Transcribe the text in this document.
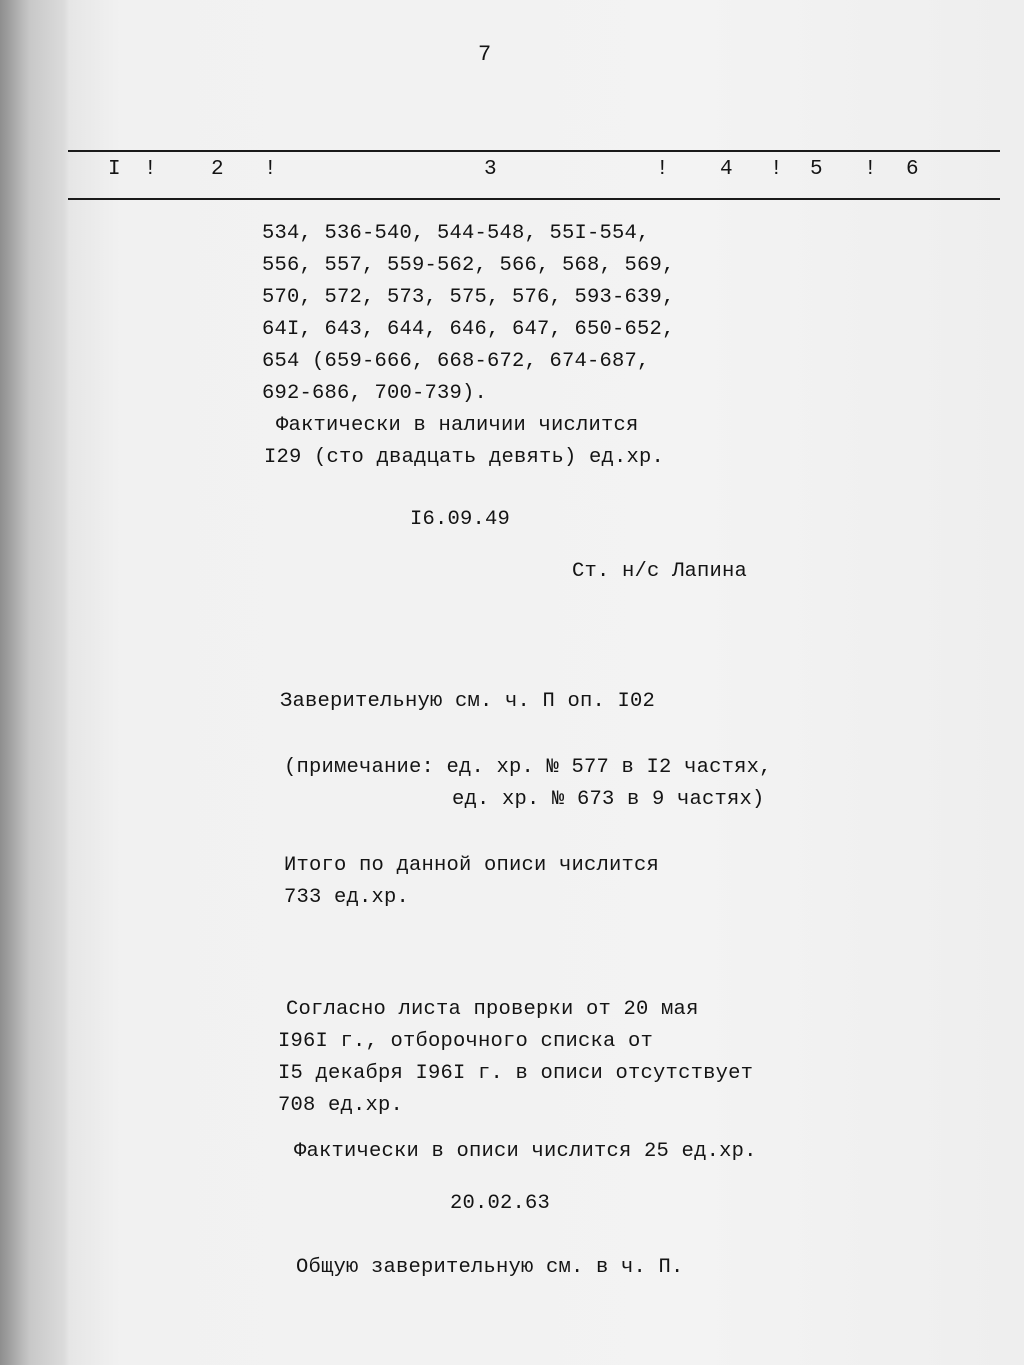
7
I !	2 !	3	! 4 ! 5 ! 6
534, 536-540, 544-548, 55I-554,
556, 557, 559-562, 566, 568, 569,
570, 572, 573, 575, 576, 593-639,
64I, 643, 644, 646, 647, 650-652,
654 (659-666, 668-672, 674-687,
692-686, 700-739).
Фактически в наличии числится
I29 (сто двадцать девять) ед.хр.
I6.09.49
Ст. н/с Лапина
Заверительную см. ч. П оп. I02
(примечание: ед. хр. № 577 в I2 частях,
ед. хр. № 673 в 9 частях)
Итого по данной описи числится
733 ед.хр.
Согласно листа проверки от 20 мая
I96I г., отборочного списка от
I5 декабря I96I г. в описи отсутствует
708 ед.хр.
Фактически в описи числится 25 ед.хр.
20.02.63
Общую заверительную см. в ч. П.
